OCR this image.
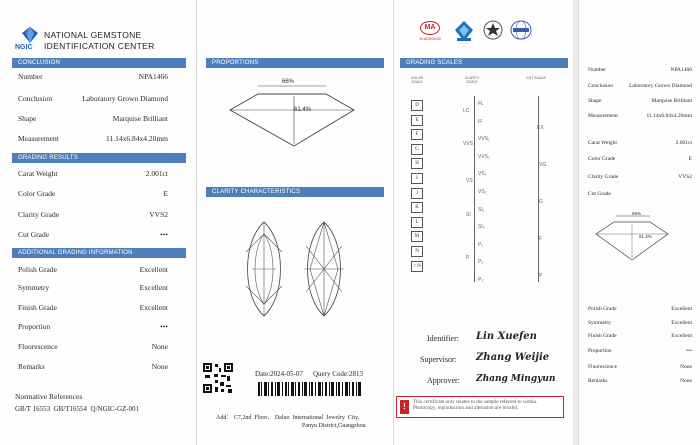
NGIC
NATIONAL GEMSTONE
IDENTIFICATION CENTER
CONCLUSION
Number	NPA1466
Conclusion	Laboratory Grown Diamond
Shape	Marquise Brilliant
Measurement	11.14x6.84x4.20mm
GRADING RESULTS
Carat Weight	2.001ct
Color Grade	E
Clarity Grade	VVS2
Cut Grade	•••
ADDITIONAL GRADING INFORMATION
Polish Grade	Excellent
Symmetry	Excellent
Finish Grade	Excellent
Proportion	•••
Fluorescence	None
Remarks	None
Normative References
GB/T 16553  GB/T16554  Q/NGIC-GZ-001
PROPORTIONS
66%
61.4%
CLARITY CHARACTERISTICS
Date:2024-05-07 Query Code:2813
Add： C7,2nd  Floor， Daluo  International  Jewelry  City,
Panyu District,Guangzhou
MA
20181510100
GRADING SCALES
COLOR SCALE
CLARITY SCALE
CUT SCALE
D
E
F
G
H
I
J
K
L
M
N
< N
LC
VVS
VS
SI
P
FL
IF
VVS₁
VVS₂
VS₁
VS₂
SI₁
SI₂
P₁
P₂
P₃
EX
VG
G
F
P
Identifier: Lin Xuefen
Supervisor: Zhang Weijie
Approver: Zhang Mingyun
!	This certificate only relates to the sample referred to within. Photocopy, reproduction and alteration are invalid.
Number	NPA1466
Conclusion	Laboratory Grown Diamond
Shape	Marquise Brilliant
Measurement	11.14x6.84x4.20mm
Carat Weight	2.001ct
Color Grade	E
Clarity Grade	VVS2
Cut Grade
66%
61.4%
Polish Grade	Excellent
Symmetry	Excellent
Finish Grade	Excellent
Proportion	•••
Fluorescence	None
Remarks	None
